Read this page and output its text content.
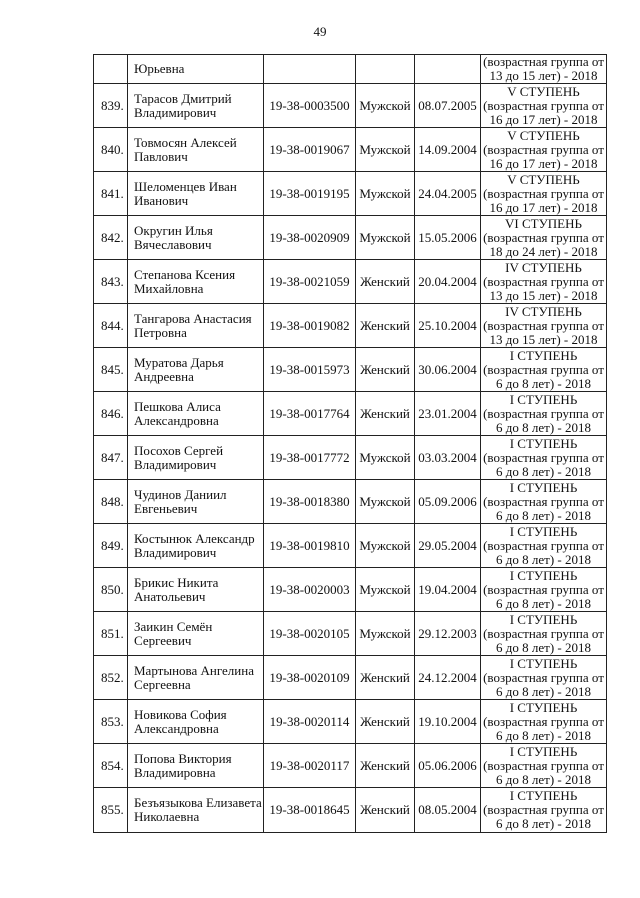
49
	Юрьевна				(возрастная группа от
13 до 15 лет) - 2018

839.	Тарасов Дмитрий Владимирович	19-38-0003500	Мужской	08.07.2005	V СТУПЕНЬ
(возрастная группа от
16 до 17 лет) - 2018

840.	Товмосян Алексей Павлович	19-38-0019067	Мужской	14.09.2004	V СТУПЕНЬ
(возрастная группа от
16 до 17 лет) - 2018

841.	Шеломенцев Иван Иванович	19-38-0019195	Мужской	24.04.2005	V СТУПЕНЬ
(возрастная группа от
16 до 17 лет) - 2018

842.	Округин Илья Вячеславович	19-38-0020909	Мужской	15.05.2006	VI СТУПЕНЬ
(возрастная группа от
18 до 24 лет) - 2018

843.	Степанова Ксения Михайловна	19-38-0021059	Женский	20.04.2004	IV СТУПЕНЬ
(возрастная группа от
13 до 15 лет) - 2018

844.	Тангарова Анастасия Петровна	19-38-0019082	Женский	25.10.2004	IV СТУПЕНЬ
(возрастная группа от
13 до 15 лет) - 2018

845.	Муратова Дарья Андреевна	19-38-0015973	Женский	30.06.2004	I СТУПЕНЬ
(возрастная группа от
6 до 8 лет) - 2018

846.	Пешкова Алиса Александровна	19-38-0017764	Женский	23.01.2004	I СТУПЕНЬ
(возрастная группа от
6 до 8 лет) - 2018

847.	Посохов Сергей Владимирович	19-38-0017772	Мужской	03.03.2004	I СТУПЕНЬ
(возрастная группа от
6 до 8 лет) - 2018

848.	Чудинов Даниил Евгеньевич	19-38-0018380	Мужской	05.09.2006	I СТУПЕНЬ
(возрастная группа от
6 до 8 лет) - 2018

849.	Костынюк Александр Владимирович	19-38-0019810	Мужской	29.05.2004	I СТУПЕНЬ
(возрастная группа от
6 до 8 лет) - 2018

850.	Брикис Никита Анатольевич	19-38-0020003	Мужской	19.04.2004	I СТУПЕНЬ
(возрастная группа от
6 до 8 лет) - 2018

851.	Заикин Семён Сергеевич	19-38-0020105	Мужской	29.12.2003	I СТУПЕНЬ
(возрастная группа от
6 до 8 лет) - 2018

852.	Мартынова Ангелина Сергеевна	19-38-0020109	Женский	24.12.2004	I СТУПЕНЬ
(возрастная группа от
6 до 8 лет) - 2018

853.	Новикова София Александровна	19-38-0020114	Женский	19.10.2004	I СТУПЕНЬ
(возрастная группа от
6 до 8 лет) - 2018

854.	Попова Виктория Владимировна	19-38-0020117	Женский	05.06.2006	I СТУПЕНЬ
(возрастная группа от
6 до 8 лет) - 2018

855.	Безъязыкова Елизавета Николаевна	19-38-0018645	Женский	08.05.2004	I СТУПЕНЬ
(возрастная группа от
6 до 8 лет) - 2018
